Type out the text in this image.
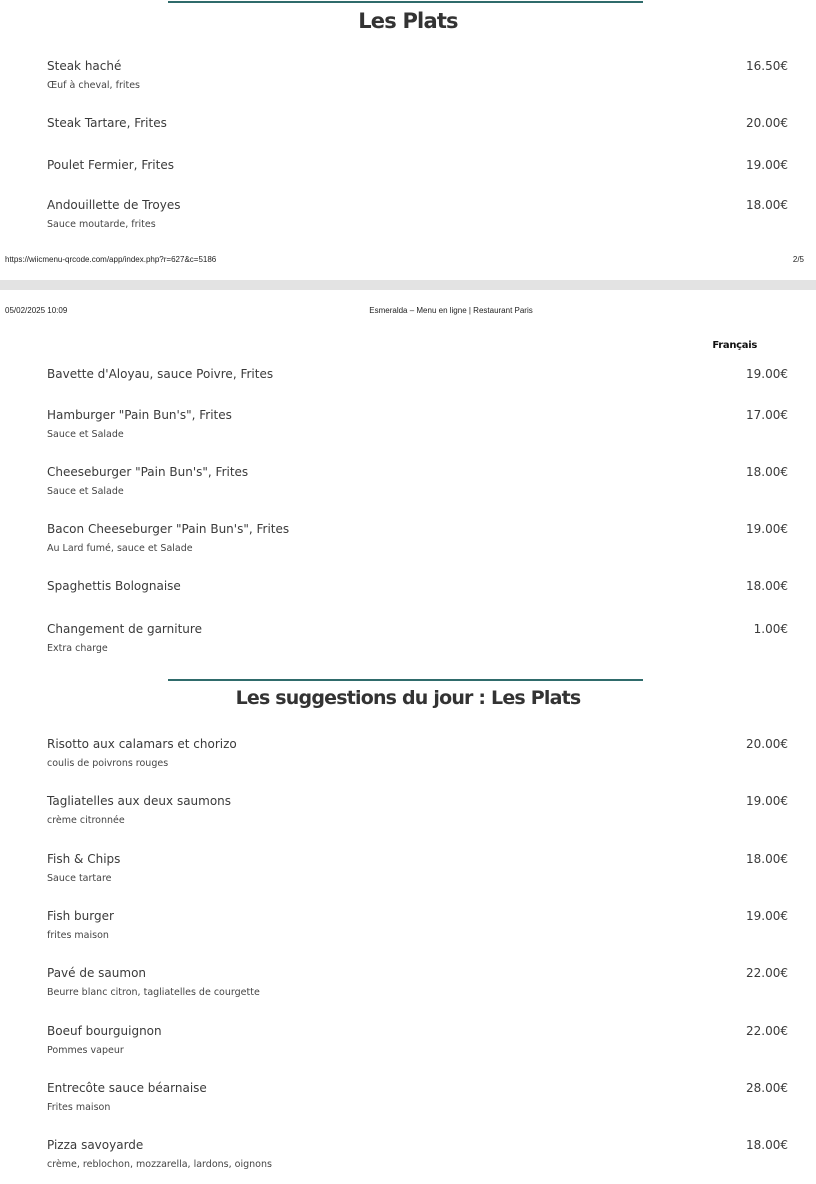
Les Plats
Steak haché	16.50€
Œuf à cheval, frites
Steak Tartare, Frites	20.00€
Poulet Fermier, Frites	19.00€
Andouillette de Troyes	18.00€
Sauce moutarde, frites
https://wiicmenu-qrcode.com/app/index.php?r=627&c=5186	2/5
05/02/2025 10:09	Esmeralda – Menu en ligne | Restaurant Paris
Français
Bavette d'Aloyau, sauce Poivre, Frites	19.00€
Hamburger "Pain Bun's", Frites	17.00€
Sauce et Salade
Cheeseburger "Pain Bun's", Frites	18.00€
Sauce et Salade
Bacon Cheeseburger "Pain Bun's", Frites	19.00€
Au Lard fumé, sauce et Salade
Spaghettis Bolognaise	18.00€
Changement de garniture	1.00€
Extra charge
Les suggestions du jour : Les Plats
Risotto aux calamars et chorizo	20.00€
coulis de poivrons rouges
Tagliatelles aux deux saumons	19.00€
crème citronnée
Fish & Chips	18.00€
Sauce tartare
Fish burger	19.00€
frites maison
Pavé de saumon	22.00€
Beurre blanc citron, tagliatelles de courgette
Boeuf bourguignon	22.00€
Pommes vapeur
Entrecôte sauce béarnaise	28.00€
Frites maison
Pizza savoyarde	18.00€
crème, reblochon, mozzarella, lardons, oignons
